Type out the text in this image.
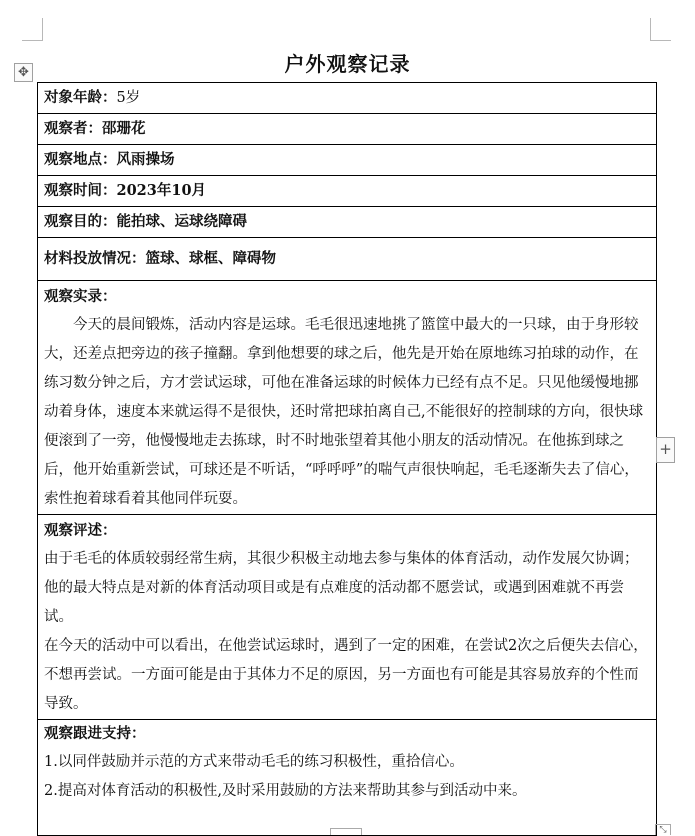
✥	户外观察记录
对象年龄：5岁
观察者：邵珊花
观察地点：风雨操场
观察时间：2023年10月
观察目的：能拍球、运球绕障碍
材料投放情况：篮球、球框、障碍物

观察实录：

今天的晨间锻炼，活动内容是运球。毛毛很迅速地挑了篮筐中最大的一只球，由于身形较大，还差点把旁边的孩子撞翻。拿到他想要的球之后，他先是开始在原地练习拍球的动作，在练习数分钟之后，方才尝试运球，可他在准备运球的时候体力已经有点不足。只见他缓慢地挪动着身体，速度本来就运得不是很快，还时常把球拍离自己,不能很好的控制球的方向，很快球便滚到了一旁，他慢慢地走去拣球，时不时地张望着其他小朋友的活动情况。在他拣到球之后，他开始重新尝试，可球还是不听话，“呼呼呼”的喘气声很快响起，毛毛逐渐失去了信心，索性抱着球看着其他同伴玩耍。

观察评述：

由于毛毛的体质较弱经常生病，其很少积极主动地去参与集体的体育活动，动作发展欠协调；他的最大特点是对新的体育活动项目或是有点难度的活动都不愿尝试，或遇到困难就不再尝试。

在今天的活动中可以看出，在他尝试运球时，遇到了一定的困难，在尝试2次之后便失去信心，不想再尝试。一方面可能是由于其体力不足的原因，另一方面也有可能是其容易放弃的个性而导致。

观察跟进支持：

1.以同伴鼓励并示范的方式来带动毛毛的练习积极性，重拾信心。

2.提高对体育活动的积极性,及时采用鼓励的方法来帮助其参与到活动中来。

+
⤡
